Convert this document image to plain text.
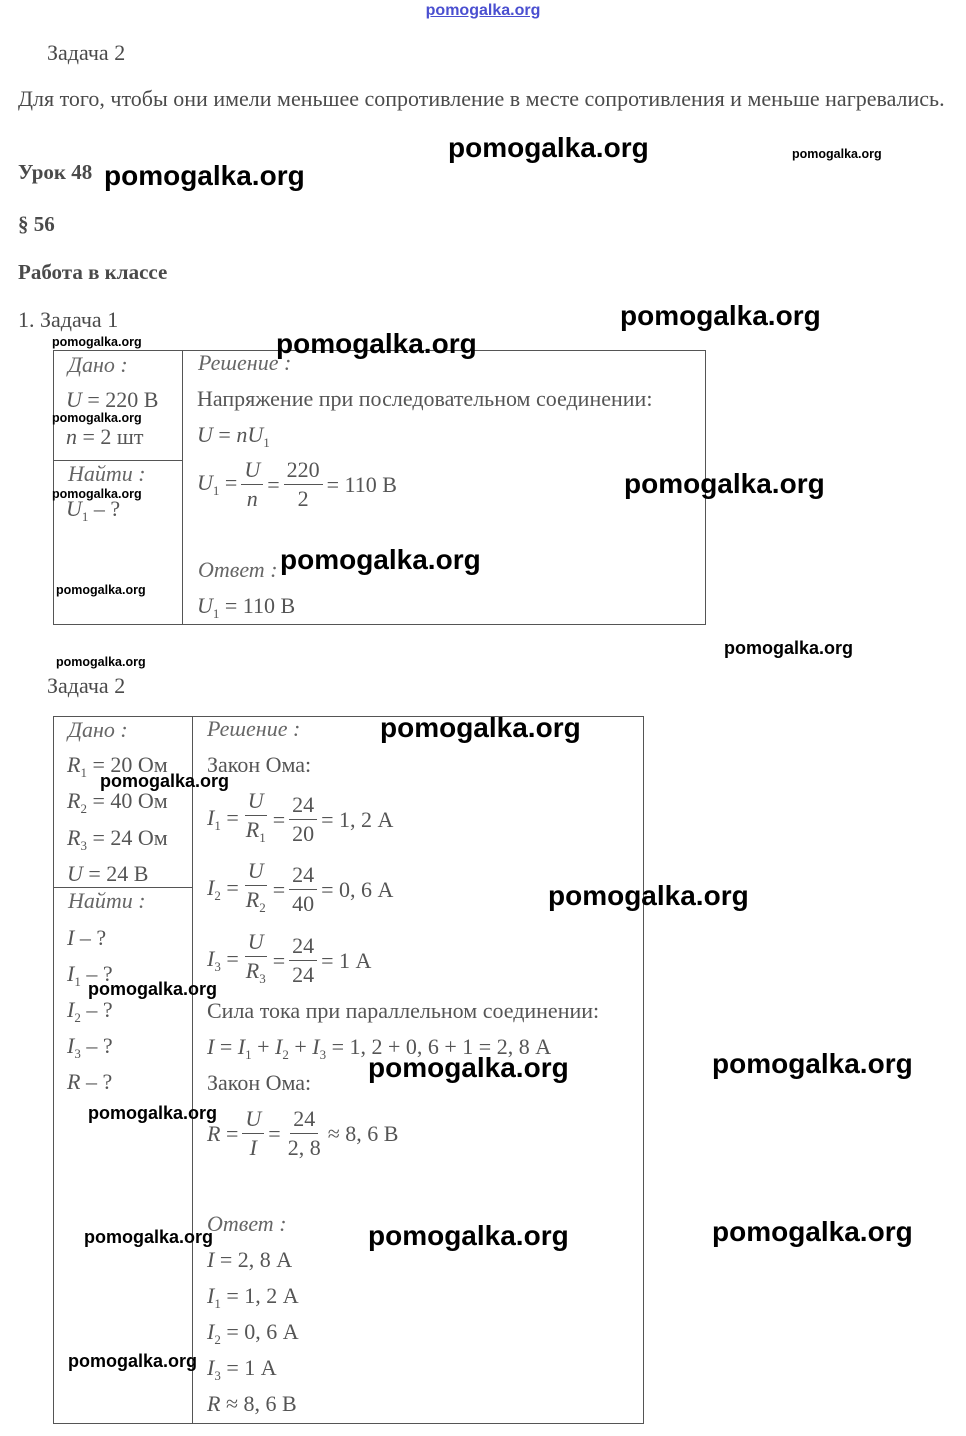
pomogalka.org
Задача 2
Для того, чтобы они имели меньшее сопротивление в месте сопротивления и меньше нагревались.
Урок 48
§ 56
Работа в классе
1. Задача 1
Дано :
U = 220 В
n = 2 шт
Найти :
$U_1$ – ?
Решение :
Напряжение при последовательном соединении:
$U = nU_1$
$U_1 = \frac{U}{n} = \frac{220}{2} = 110$ В
Ответ :
$U_1 = 110$ В
Задача 2
Дано :
$R_1 = 20$ Ом
$R_2 = 40$ Ом
$R_3 = 24$ Ом
U = 24 В
Найти :
I – ?
$I_1$ – ?
$I_2$ – ?
$I_3$ – ?
R – ?
Решение :
Закон Ома:
$I_1 = \frac{U}{R_1} = \frac{24}{20} = 1$, 2 А
$I_2 = \frac{U}{R_2} = \frac{24}{40} = 0$, 6 А
$I_3 = \frac{U}{R_3} = \frac{24}{24} = 1$ А
Сила тока при параллельном соединении:
$I = I_1 + I_2 + I_3 = 1$, 2 + 0, 6 + 1 = 2, 8 А
Закон Ома:
$R = \frac{U}{I} = \frac{24}{2, 8} \approx 8$, 6 В
Ответ :
I = 2, 8 А
$I_1 = 1$, 2 А
$I_2 = 0$, 6 А
$I_3 = 1$ А
R ≈ 8, 6 В
pomogalka.org	pomogalka.org
pomogalka.org
pomogalka.org
pomogalka.org	pomogalka.org
pomogalka.org
pomogalka.org
pomogalka.org
pomogalka.org
pomogalka.org
pomogalka.org
pomogalka.org
pomogalka.org
pomogalka.org
pomogalka.org
pomogalka.org
pomogalka.org	pomogalka.org
pomogalka.org
pomogalka.org	pomogalka.org	pomogalka.org
pomogalka.org
